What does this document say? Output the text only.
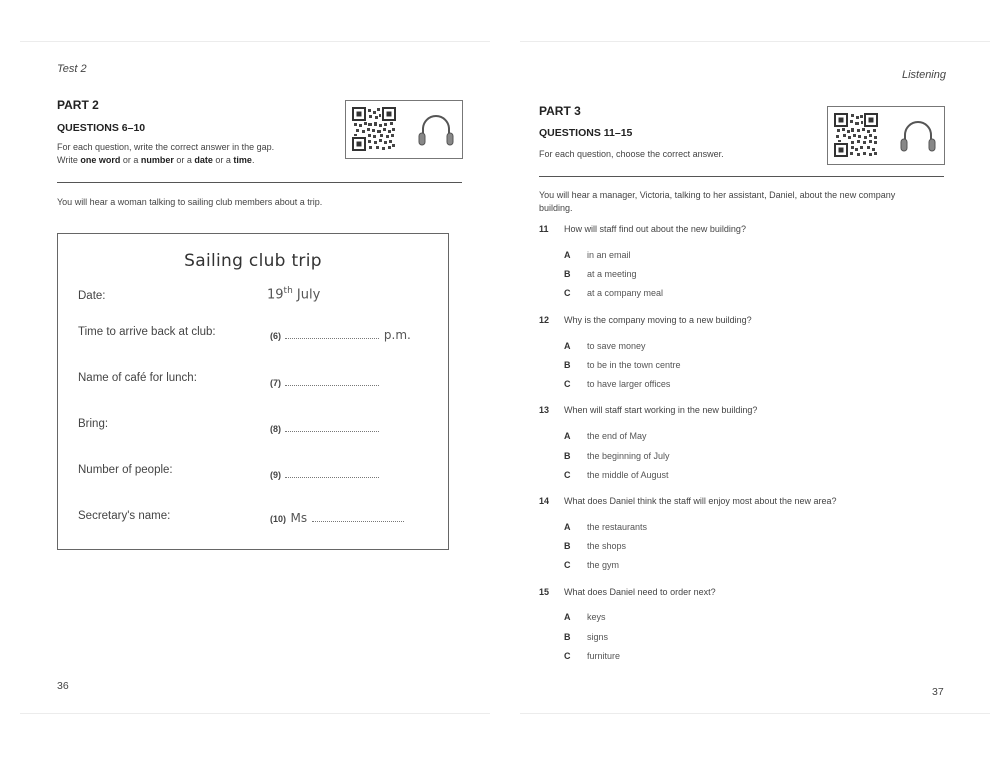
Test 2
PART 2
QUESTIONS 6–10
For each question, write the correct answer in the gap.
Write one word or a number or a date or a time.
You will hear a woman talking to sailing club members about a trip.
Sailing club trip
Date:	19th July
Time to arrive back at club:	(6)	p.m.
Name of café for lunch:	(7)
Bring:	(8)
Number of people:	(9)
Secretary's name:	(10) Ms
36
Listening
PART 3
QUESTIONS 11–15
For each question, choose the correct answer.
You will hear a manager, Victoria, talking to her assistant, Daniel, about the new company
building.
11 How will staff find out about the new building?
A in an email
B at a meeting
C at a company meal
12 Why is the company moving to a new building?
A to save money
B to be in the town centre
C to have larger offices
13 When will staff start working in the new building?
A the end of May
B the beginning of July
C the middle of August
14 What does Daniel think the staff will enjoy most about the new area?
A the restaurants
B the shops
C the gym
15 What does Daniel need to order next?
A keys
B signs
C furniture
37
